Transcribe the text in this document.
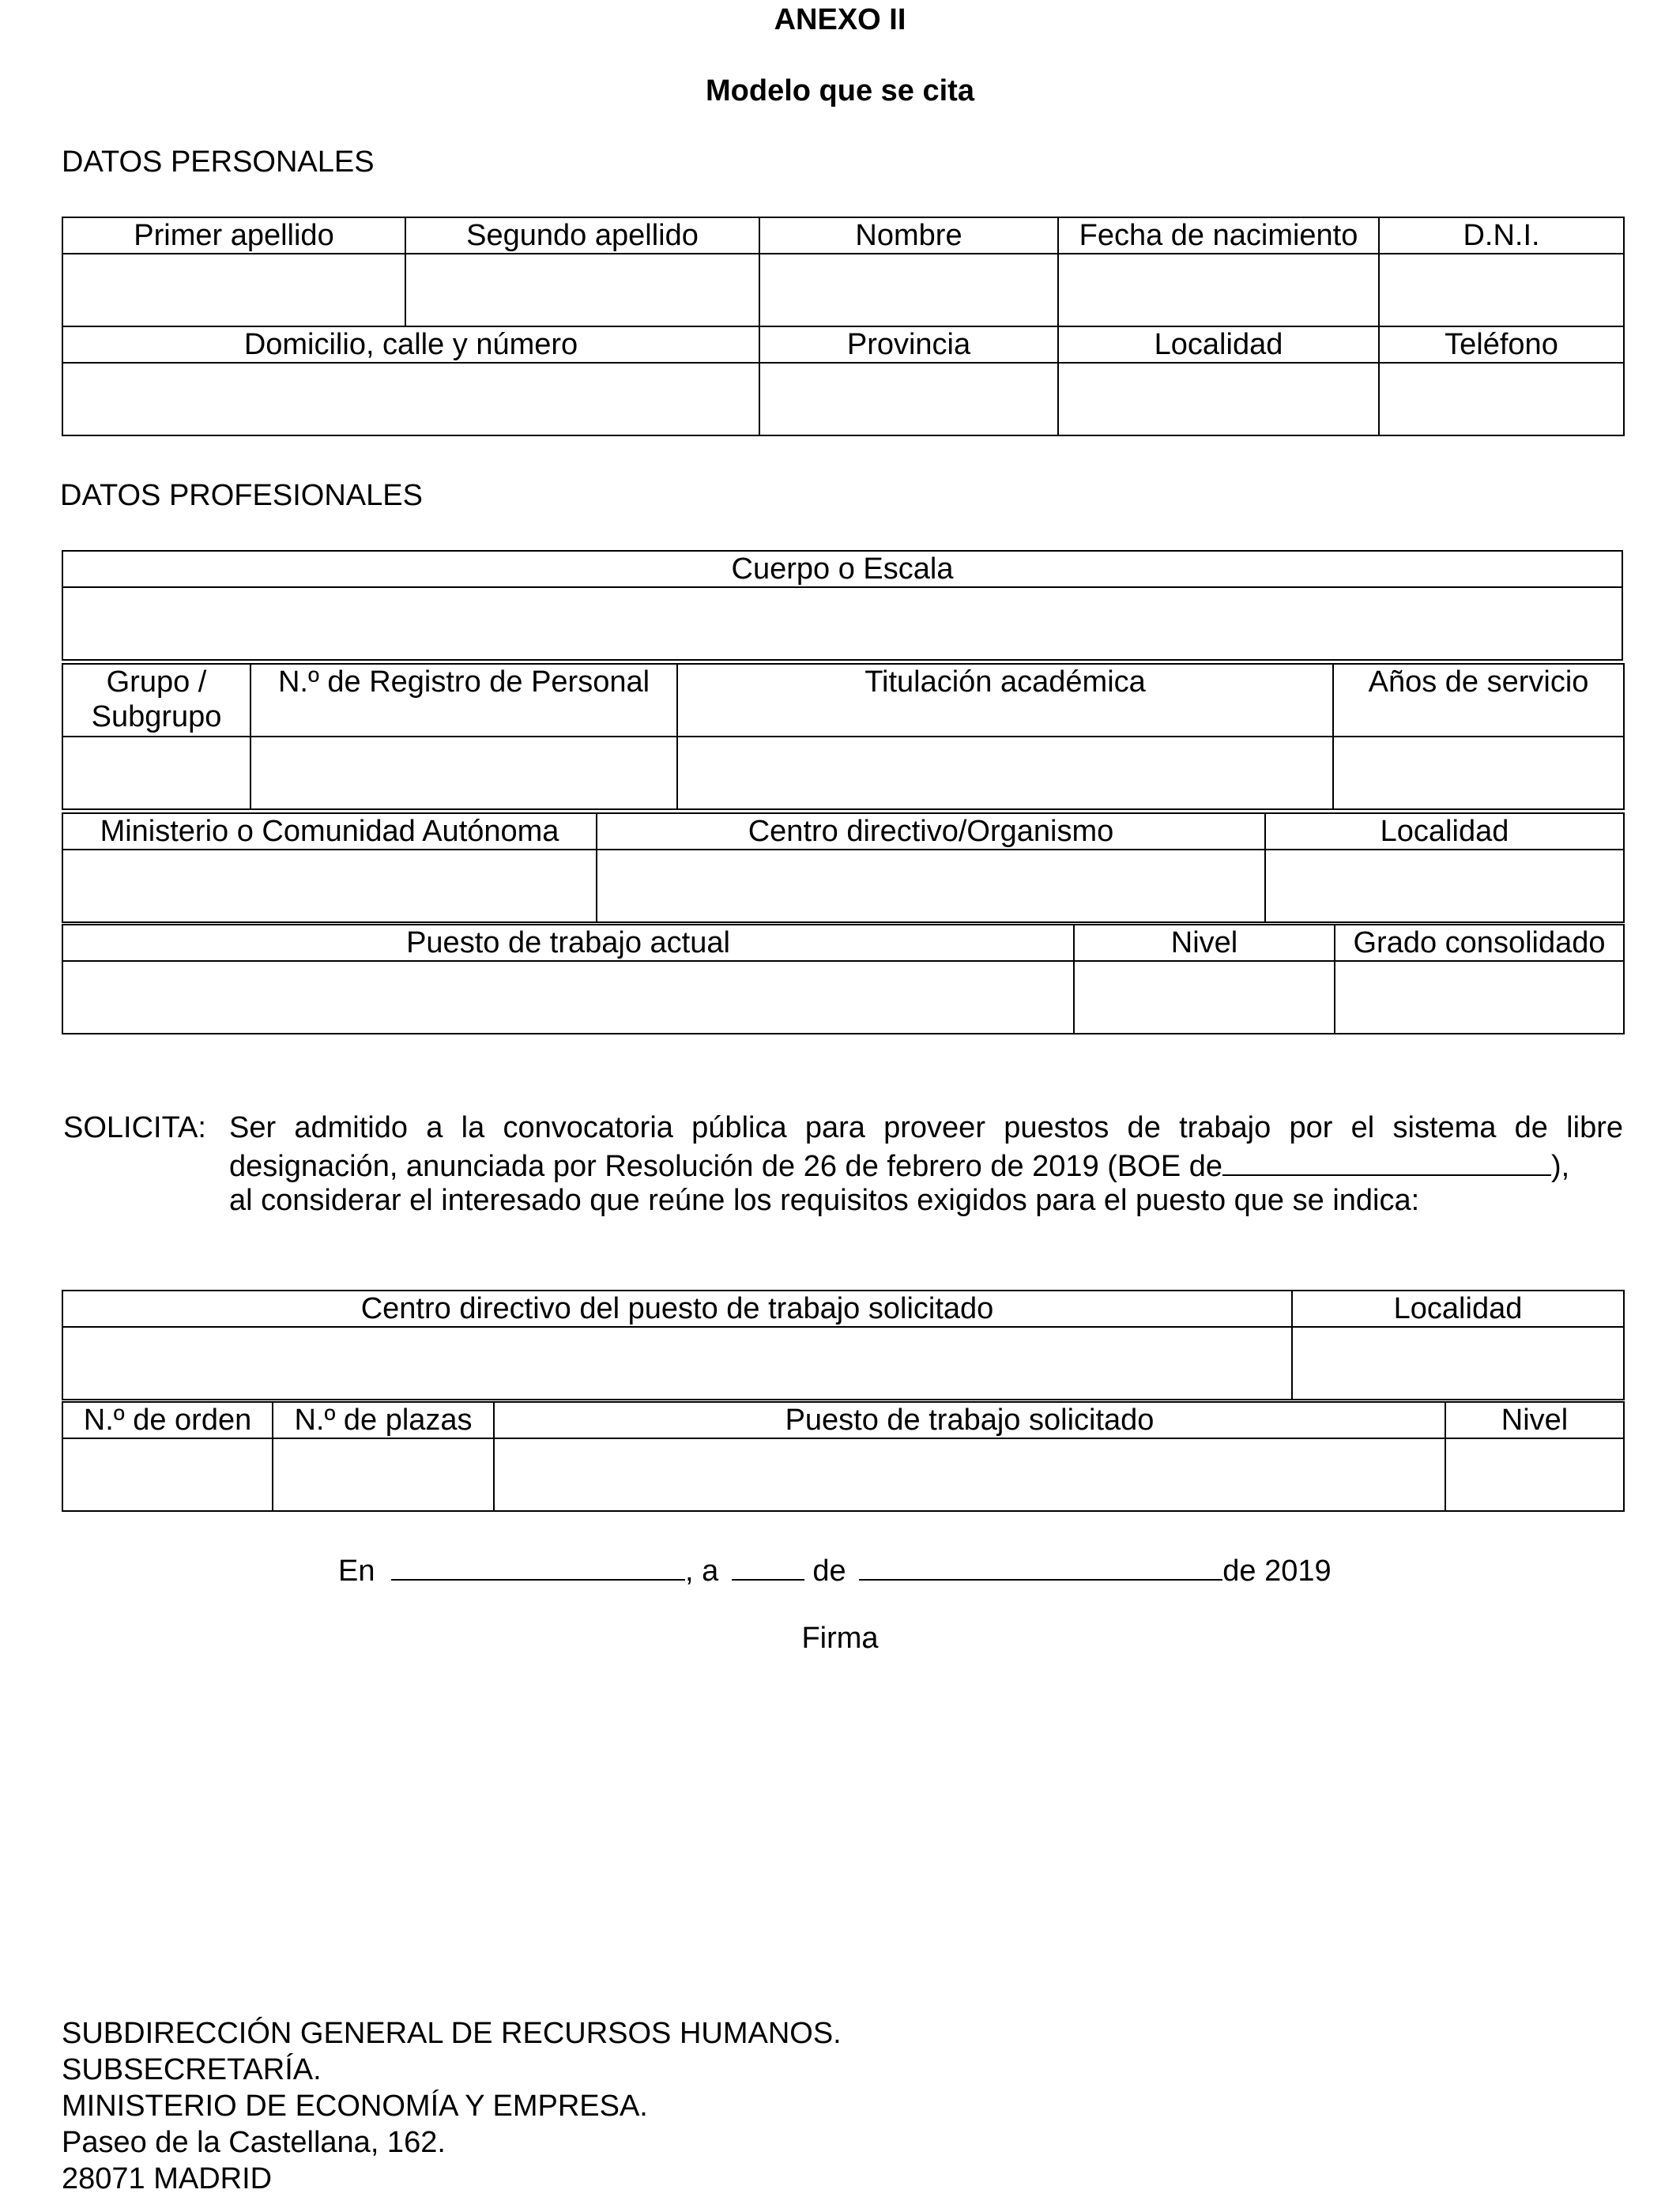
ANEXO II
Modelo que se cita
DATOS PERSONALES
Primer apellido	Segundo apellido	Nombre	Fecha de nacimiento	D.N.I.

Domicilio, calle y número		Provincia	Localidad	Teléfono

DATOS PROFESIONALES
Cuerpo o Escala

Grupo / Subgrupo	N.º de Registro de Personal	Titulación académica	Años de servicio

Ministerio o Comunidad Autónoma	Centro directivo/Organismo	Localidad

Puesto de trabajo actual	Nivel	Grado consolidado

SOLICITA: Ser admitido a la convocatoria pública para proveer puestos de trabajo por el sistema de libre
designación, anunciada por Resolución de 26 de febrero de 2019 (BOE de	),
al considerar el interesado que reúne los requisitos exigidos para el puesto que se indica:
Centro directivo del puesto de trabajo solicitado	Localidad

N.º de orden	N.º de plazas	Puesto de trabajo solicitado	Nivel

En	, a	de	de 2019
Firma
SUBDIRECCIÓN GENERAL DE RECURSOS HUMANOS.
SUBSECRETARÍA.
MINISTERIO DE ECONOMÍA Y EMPRESA.
Paseo de la Castellana, 162.
28071 MADRID
